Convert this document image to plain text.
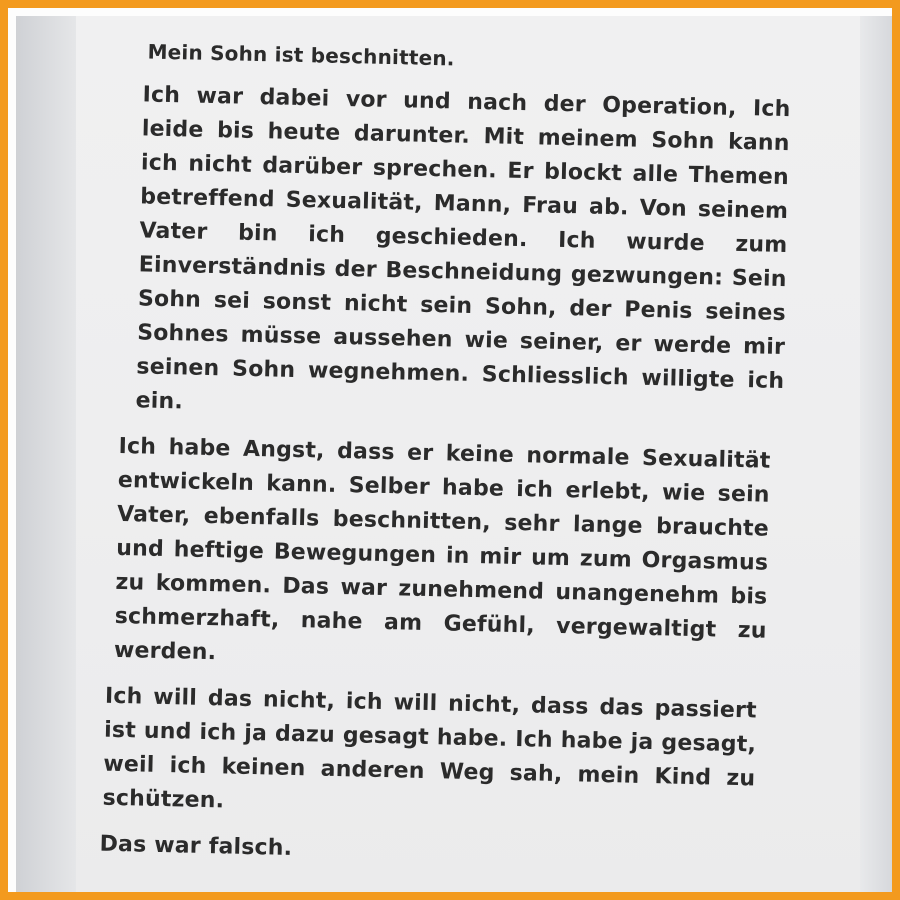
Mein Sohn ist beschnitten.

Ich war dabei vor und nach der Operation, Ich leide bis heute darunter. Mit meinem Sohn kann ich nicht darüber sprechen. Er blockt alle Themen betreffend Sexualität, Mann, Frau ab. Von seinem Vater bin ich geschieden. Ich wurde zum Einverständnis der Beschneidung gezwungen: Sein Sohn sei sonst nicht sein Sohn, der Penis seines Sohnes müsse aussehen wie seiner, er werde mir seinen Sohn wegnehmen. Schliesslich willigte ich ein.

Ich habe Angst, dass er keine normale Sexualität entwickeln kann. Selber habe ich erlebt, wie sein Vater, ebenfalls beschnitten, sehr lange brauchte und heftige Bewegungen in mir um zum Orgasmus zu kommen. Das war zunehmend unangenehm bis schmerzhaft, nahe am Gefühl, vergewaltigt zu werden.

Ich will das nicht, ich will nicht, dass das passiert ist und ich ja dazu gesagt habe. Ich habe ja gesagt, weil ich keinen anderen Weg sah, mein Kind zu schützen.

Das war falsch.
